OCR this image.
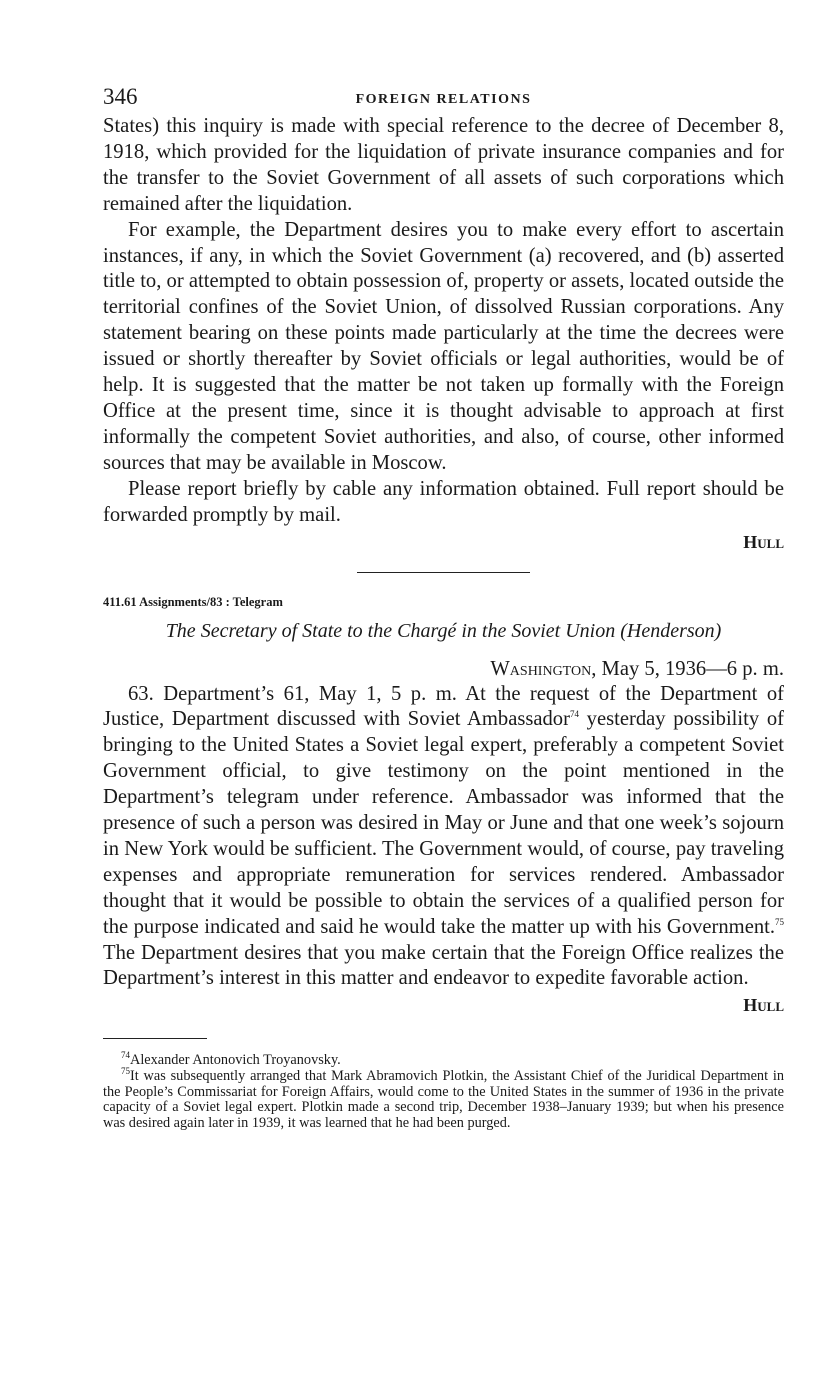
346	FOREIGN RELATIONS

States) this inquiry is made with special reference to the decree of December 8, 1918, which provided for the liquidation of private insurance companies and for the transfer to the Soviet Government of all assets of such corporations which remained after the liquidation.

For example, the Department desires you to make every effort to ascertain instances, if any, in which the Soviet Government (a) recovered, and (b) asserted title to, or attempted to obtain possession of, property or assets, located outside the territorial confines of the Soviet Union, of dissolved Russian corporations. Any statement bearing on these points made particularly at the time the decrees were issued or shortly thereafter by Soviet officials or legal authorities, would be of help. It is suggested that the matter be not taken up formally with the Foreign Office at the present time, since it is thought advisable to approach at first informally the competent Soviet authorities, and also, of course, other informed sources that may be available in Moscow.

Please report briefly by cable any information obtained. Full report should be forwarded promptly by mail.

Hull

411.61 Assignments/83 : Telegram

The Secretary of State to the Chargé in the Soviet Union (Henderson)

Washington, May 5, 1936—6 p. m.

63. Department’s 61, May 1, 5 p. m. At the request of the Department of Justice, Department discussed with Soviet Ambassador$^{74}$ yesterday possibility of bringing to the United States a Soviet legal expert, preferably a competent Soviet Government official, to give testimony on the point mentioned in the Department’s telegram under reference. Ambassador was informed that the presence of such a person was desired in May or June and that one week’s sojourn in New York would be sufficient. The Government would, of course, pay traveling expenses and appropriate remuneration for services rendered. Ambassador thought that it would be possible to obtain the services of a qualified person for the purpose indicated and said he would take the matter up with his Government.$^{75}$ The Department desires that you make certain that the Foreign Office realizes the Department’s interest in this matter and endeavor to expedite favorable action.

Hull

$^{74}$Alexander Antonovich Troyanovsky.

$^{75}$It was subsequently arranged that Mark Abramovich Plotkin, the Assistant Chief of the Juridical Department in the People’s Commissariat for Foreign Affairs, would come to the United States in the summer of 1936 in the private capacity of a Soviet legal expert. Plotkin made a second trip, December 1938–January 1939; but when his presence was desired again later in 1939, it was learned that he had been purged.
